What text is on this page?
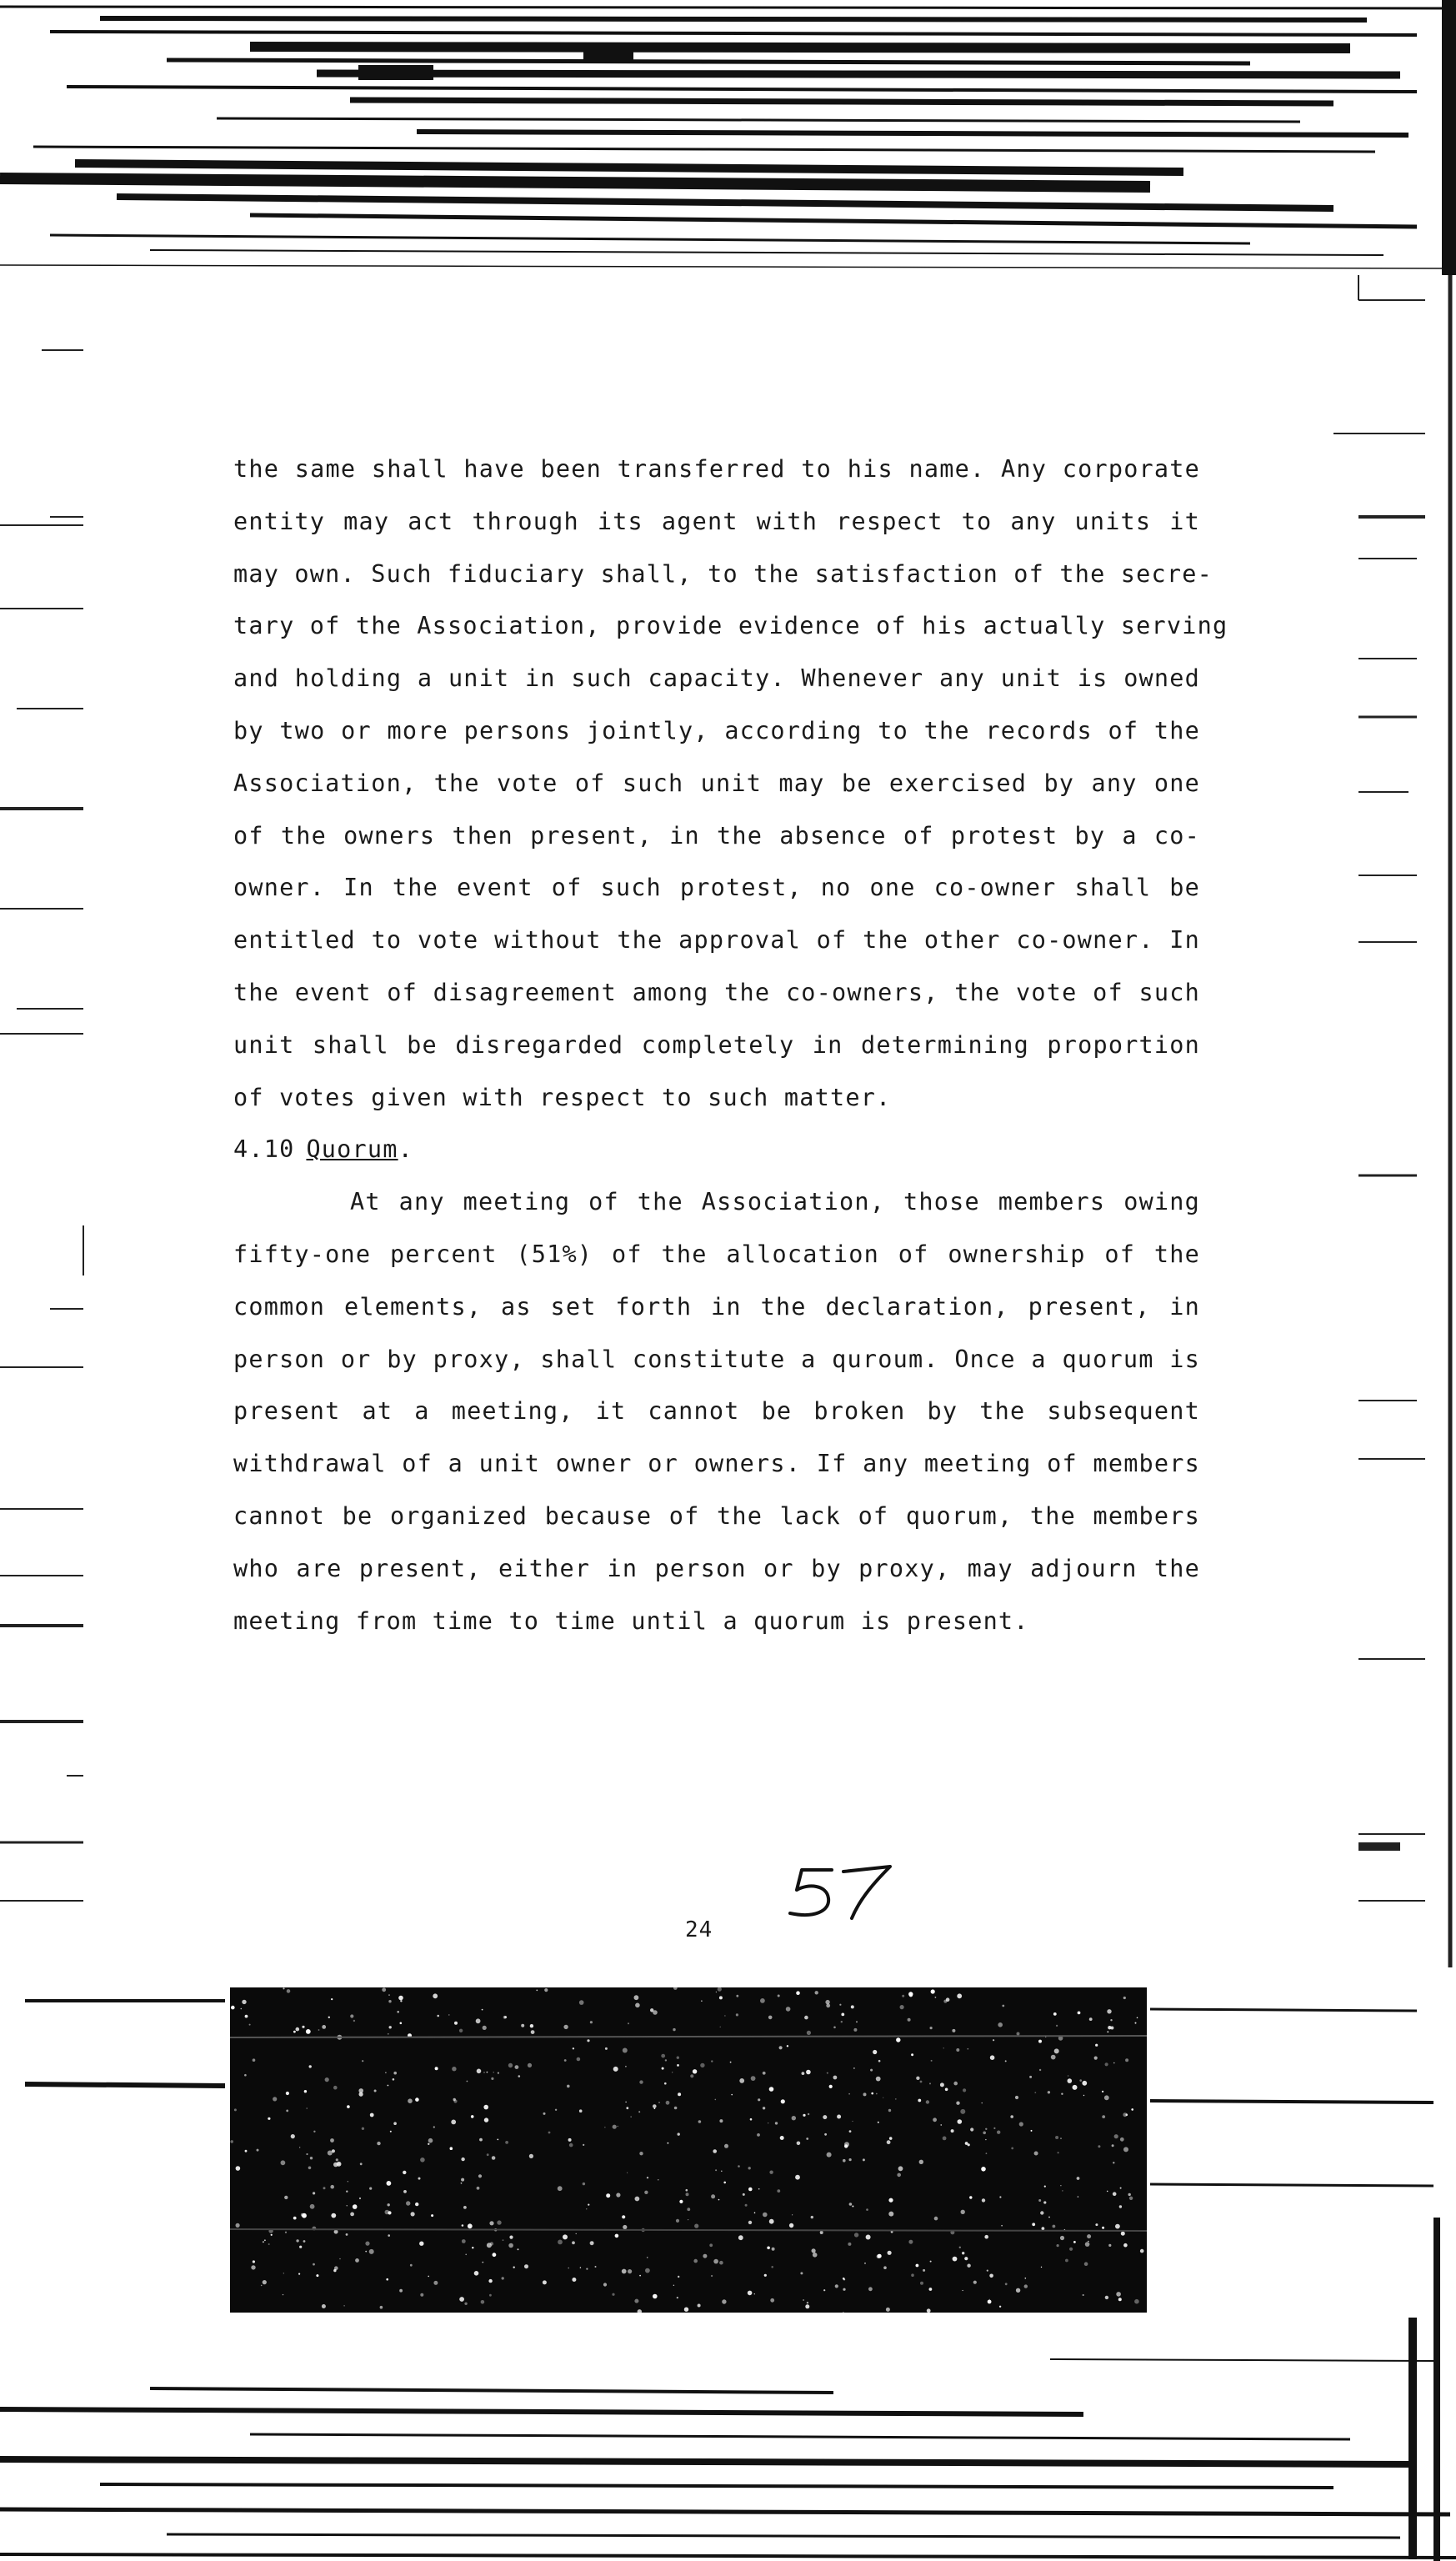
the same shall have been transferred to his name. Any corporate
entity may act through its agent with respect to any units it
may own. Such fiduciary shall, to the satisfaction of the secre-
tary of the Association, provide evidence of his actually serving
and holding a unit in such capacity. Whenever any unit is owned
by two or more persons jointly, according to the records of the
Association, the vote of such unit may be exercised by any one
of the owners then present, in the absence of protest by a co-
owner. In the event of such protest, no one co-owner shall be
entitled to vote without the approval of the other co-owner. In
the event of disagreement among the co-owners, the vote of such
unit shall be disregarded completely in determining proportion
of votes given with respect to such matter.
4.10 Quorum.
At any meeting of the Association, those members owing
fifty-one percent (51%) of the allocation of ownership of the
common elements, as set forth in the declaration, present, in
person or by proxy, shall constitute a quroum. Once a quorum is
present at a meeting, it cannot be broken by the subsequent
withdrawal of a unit owner or owners. If any meeting of members
cannot be organized because of the lack of quorum, the members
who are present, either in person or by proxy, may adjourn the
meeting from time to time until a quorum is present.
24
